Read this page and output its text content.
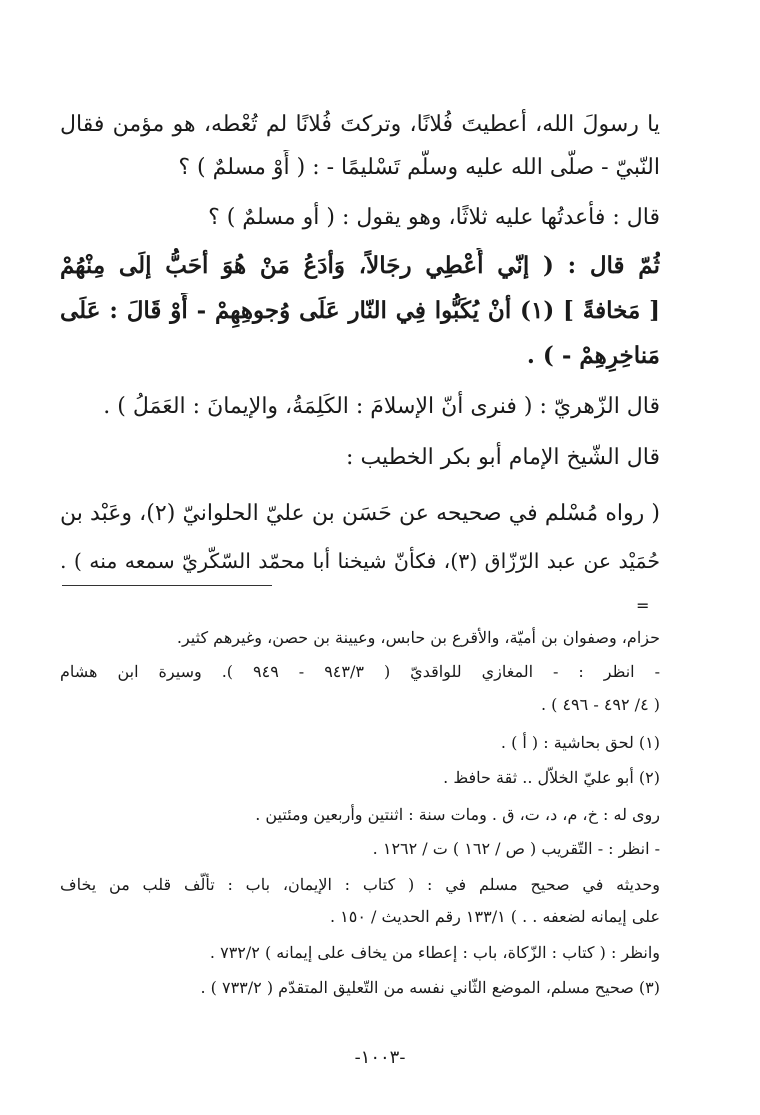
يا رسولَ الله، أعطيتَ فُلانًا، وتركتَ فُلانًا لم تُعْطه، هو مؤمن فقال
النّبيّ - صلّى الله عليه وسلّم تَسْليمًا - : ( أَوْ مسلمٌ ) ؟
قال : فأعدتُها عليه ثلاثًا، وهو يقول : ( أو مسلمٌ ) ؟
ثُمّ قال : ( إنّي أُعْطِي رجَالاً، وَأدَعُ مَنْ هُوَ أحَبُّ إلَى مِنْهُمْ
[ مَخافةً ] (١) أنْ يُكَبُّوا فِي النّار عَلَى وُجوهِهِمْ - أَوْ قَالَ : عَلَى
مَناخِرِهِمْ - ) .
قال الزّهريّ : ( فنرى أنّ الإسلامَ : الكَلِمَةُ، والإيمانَ : العَمَلُ ) .
قال الشّيخ الإمام أبو بكر الخطيب :
( رواه مُسْلم في صحيحه عن حَسَن بن عليّ الحلوانيّ (٢)، وعَبْد بن
حُمَيْد عن عبد الرّزّاق (٣)، فكأنّ شيخنا أبا محمّد السّكّريّ سمعه منه ) .
=
حزام، وصفوان بن أميّة، والأقرع بن حابس، وعيينة بن حصن، وغيرهم كثير.
- انظر : - المغازي للواقديّ ( ٩٤٣/٣ - ٩٤٩ ). وسيرة ابن هشام
( ٤/ ٤٩٢ - ٤٩٦ ) .
(١) لحق بحاشية : ( أ ) .
(٢) أبو عليّ الخلاّل .. ثقة حافظ .
روى له : خ، م، د، ت، ق . ومات سنة : اثنتين وأربعين ومئتين .
- انظر : - التّقريب ( ص / ١٦٢ ) ت / ١٢٦٢ .
وحديثه في صحيح مسلم في : ( كتاب : الإيمان، باب : تألّف قلب من يخاف
على إيمانه لضعفه . . ) ١٣٣/١ رقم الحديث / ١٥٠ .
وانظر : ( كتاب : الزّكاة، باب : إعطاء من يخاف على إيمانه ) ٧٣٢/٢ .
(٣) صحيح مسلم، الموضع الثّاني نفسه من التّعليق المتقدّم ( ٧٣٣/٢ ) .
-١٠٠٣-
